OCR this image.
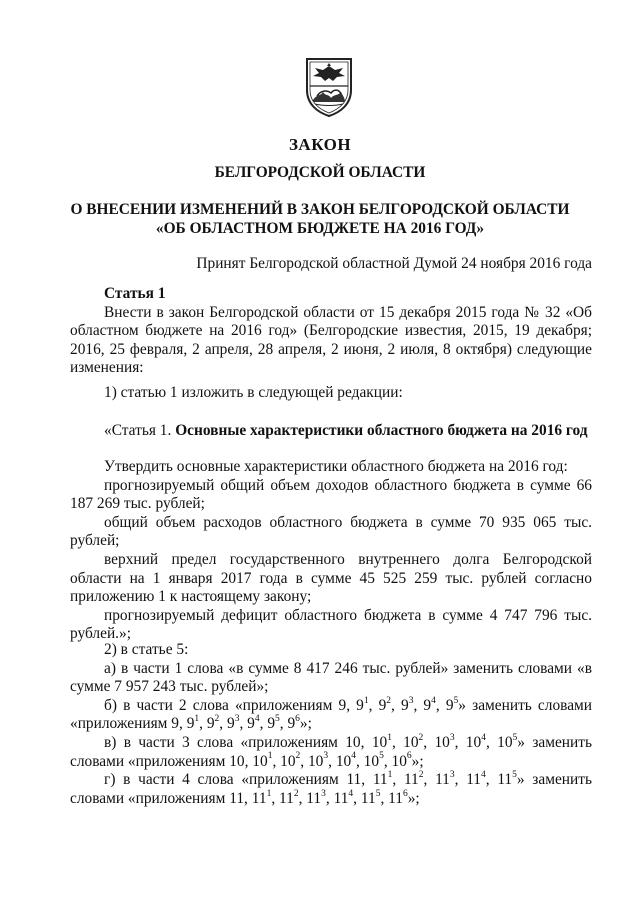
ЗАКОН
БЕЛГОРОДСКОЙ ОБЛАСТИ
О ВНЕСЕНИИ ИЗМЕНЕНИЙ В ЗАКОН БЕЛГОРОДСКОЙ ОБЛАСТИ
«ОБ ОБЛАСТНОМ БЮДЖЕТЕ НА 2016 ГОД»
Принят Белгородской областной Думой 24 ноября 2016 года

Статья 1

Внести в закон Белгородской области от 15 декабря 2015 года № 32 «Об областном бюджете на 2016 год» (Белгородские известия, 2015, 19 декабря; 2016, 25 февраля, 2 апреля, 28 апреля, 2 июня, 2 июля, 8 октября) следующие изменения:

1) статью 1 изложить в следующей редакции:

«Статья 1. Основные характеристики областного бюджета на 2016 год

Утвердить основные характеристики областного бюджета на 2016 год:

прогнозируемый общий объем доходов областного бюджета в сумме 66 187 269 тыс. рублей;

общий объем расходов областного бюджета в сумме 70 935 065 тыс. рублей;

верхний предел государственного внутреннего долга Белгородской области на 1 января 2017 года в сумме 45 525 259 тыс. рублей согласно приложению 1 к настоящему закону;

прогнозируемый дефицит областного бюджета в сумме 4 747 796 тыс. рублей.»;

2) в статье 5:

а) в части 1 слова «в сумме 8 417 246 тыс. рублей» заменить словами «в сумме 7 957 243 тыс. рублей»;

б) в части 2 слова «приложениям 9, $9^1$, $9^2$, $9^3$, $9^4$, $9^5$» заменить словами «приложениям 9, $9^1$, $9^2$, $9^3$, $9^4$, $9^5$, $9^6$»;

в) в части 3 слова «приложениям 10, $10^1$, $10^2$, $10^3$, $10^4$, $10^5$» заменить словами «приложениям 10, $10^1$, $10^2$, $10^3$, $10^4$, $10^5$, $10^6$»;

г) в части 4 слова «приложениям 11, $11^1$, $11^2$, $11^3$, $11^4$, $11^5$» заменить словами «приложениям 11, $11^1$, $11^2$, $11^3$, $11^4$, $11^5$, $11^6$»;
